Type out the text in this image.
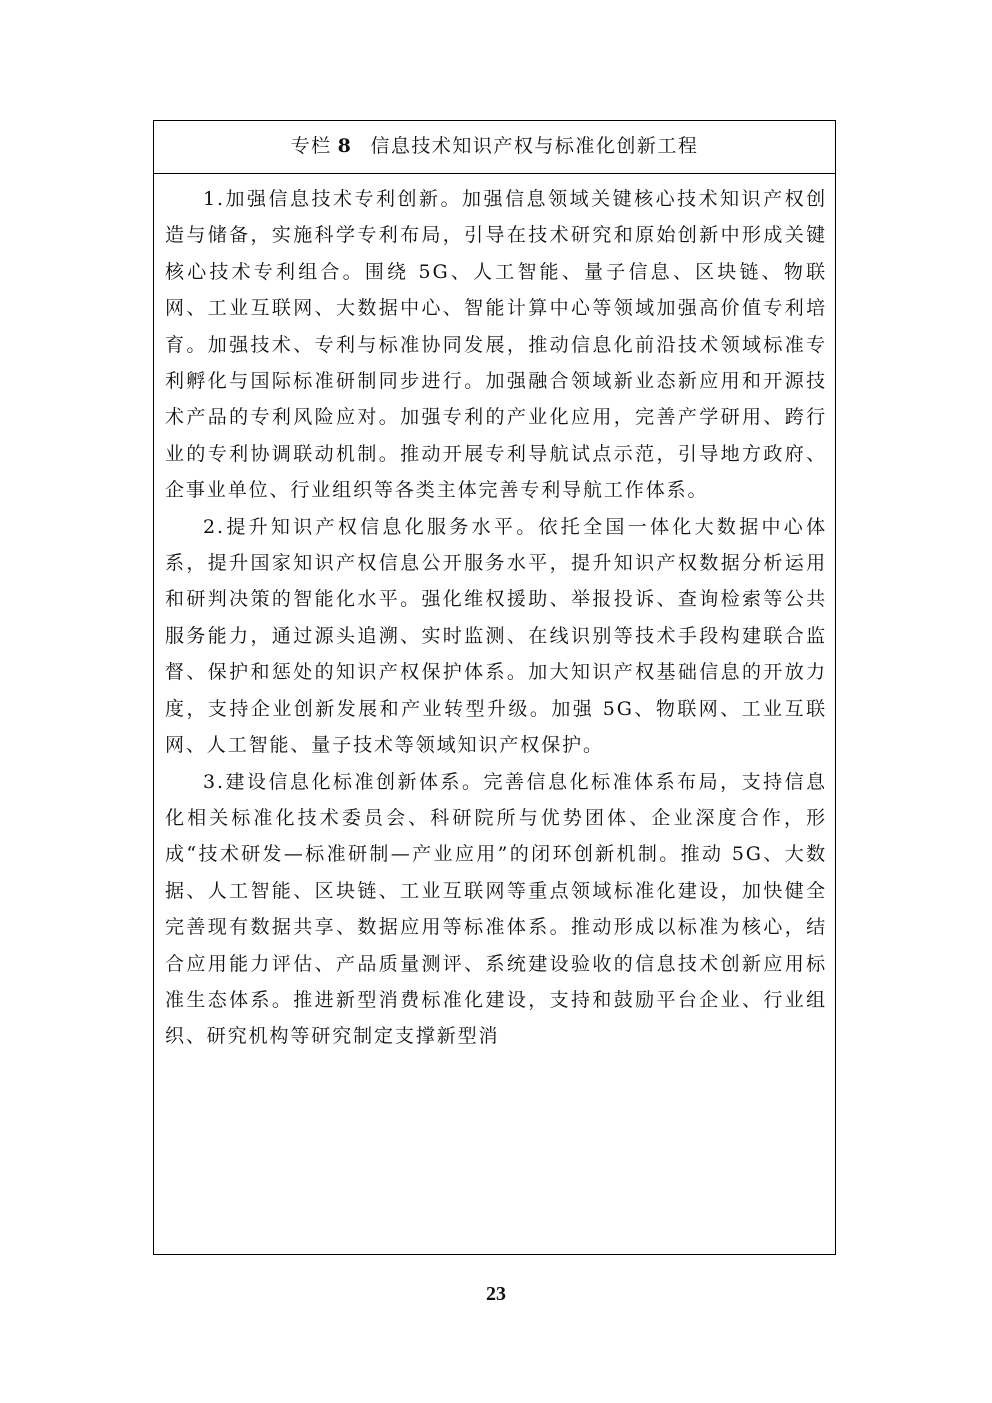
专栏 8 信息技术知识产权与标准化创新工程

1.加强信息技术专利创新。加强信息领域关键核心技术知识产权创造与储备，实施科学专利布局，引导在技术研究和原始创新中形成关键核心技术专利组合。围绕 5G、人工智能、量子信息、区块链、物联网、工业互联网、大数据中心、智能计算中心等领域加强高价值专利培育。加强技术、专利与标准协同发展，推动信息化前沿技术领域标准专利孵化与国际标准研制同步进行。加强融合领域新业态新应用和开源技术产品的专利风险应对。加强专利的产业化应用，完善产学研用、跨行业的专利协调联动机制。推动开展专利导航试点示范，引导地方政府、企事业单位、行业组织等各类主体完善专利导航工作体系。

2.提升知识产权信息化服务水平。依托全国一体化大数据中心体系，提升国家知识产权信息公开服务水平，提升知识产权数据分析运用和研判决策的智能化水平。强化维权援助、举报投诉、查询检索等公共服务能力，通过源头追溯、实时监测、在线识别等技术手段构建联合监督、保护和惩处的知识产权保护体系。加大知识产权基础信息的开放力度，支持企业创新发展和产业转型升级。加强 5G、物联网、工业互联网、人工智能、量子技术等领域知识产权保护。

3.建设信息化标准创新体系。完善信息化标准体系布局，支持信息化相关标准化技术委员会、科研院所与优势团体、企业深度合作，形成“技术研发—标准研制—产业应用”的闭环创新机制。推动 5G、大数据、人工智能、区块链、工业互联网等重点领域标准化建设，加快健全完善现有数据共享、数据应用等标准体系。推动形成以标准为核心，结合应用能力评估、产品质量测评、系统建设验收的信息技术创新应用标准生态体系。推进新型消费标准化建设，支持和鼓励平台企业、行业组织、研究机构等研究制定支撑新型消

23
